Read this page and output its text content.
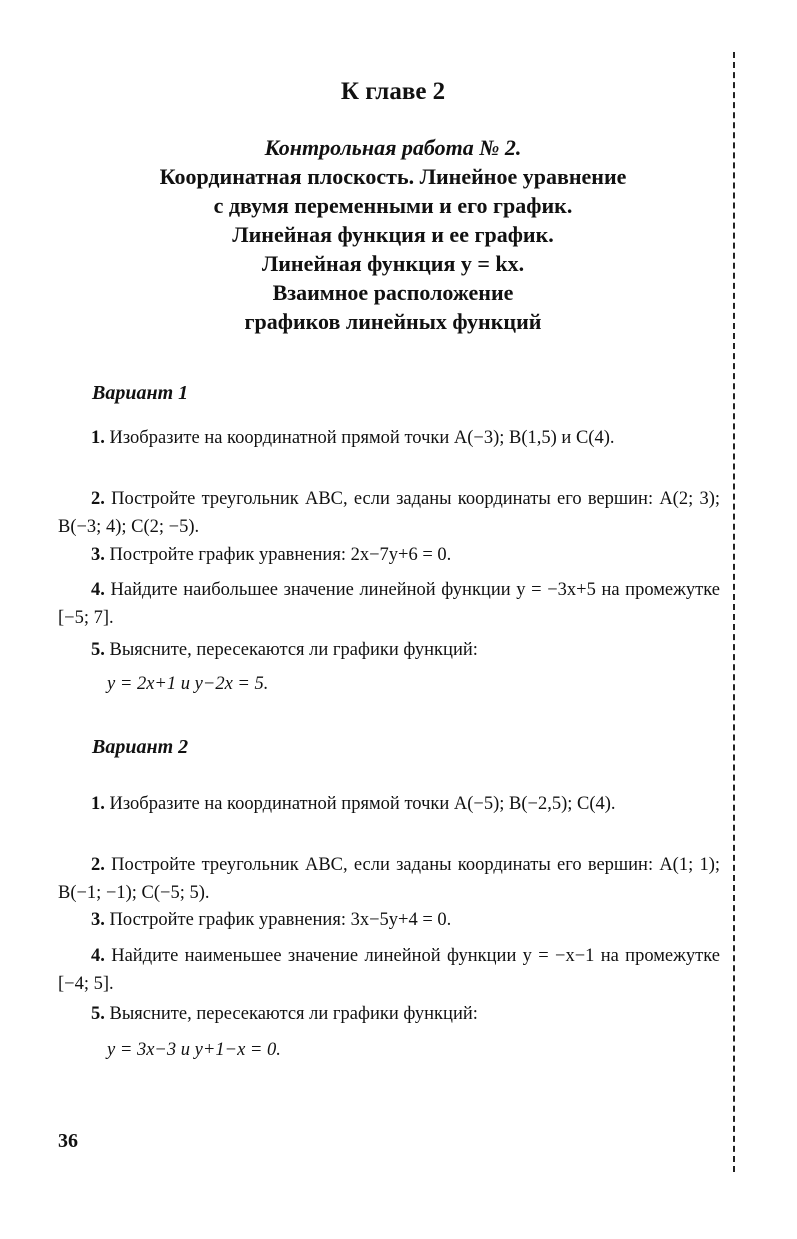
К главе 2
Контрольная работа № 2.
Координатная плоскость. Линейное уравнение
с двумя переменными и его график.
Линейная функция и ее график.
Линейная функция y = kx.
Взаимное расположение
графиков линейных функций
Вариант 1
1. Изобразите на координатной прямой точки A(−3); B(1,5) и C(4).
2. Постройте треугольник ABC, если заданы координаты его вершин: A(2; 3); B(−3; 4); C(2; −5).
3. Постройте график уравнения: 2x−7y+6 = 0.
4. Найдите наибольшее значение линейной функции y = −3x+5 на промежутке [−5; 7].
5. Выясните, пересекаются ли графики функций:
y = 2x+1 и y−2x = 5.
Вариант 2
1. Изобразите на координатной прямой точки A(−5); B(−2,5); C(4).
2. Постройте треугольник ABC, если заданы координаты его вершин: A(1; 1); B(−1; −1); C(−5; 5).
3. Постройте график уравнения: 3x−5y+4 = 0.
4. Найдите наименьшее значение линейной функции y = −x−1 на промежутке [−4; 5].
5. Выясните, пересекаются ли графики функций:
y = 3x−3 и y+1−x = 0.
36
